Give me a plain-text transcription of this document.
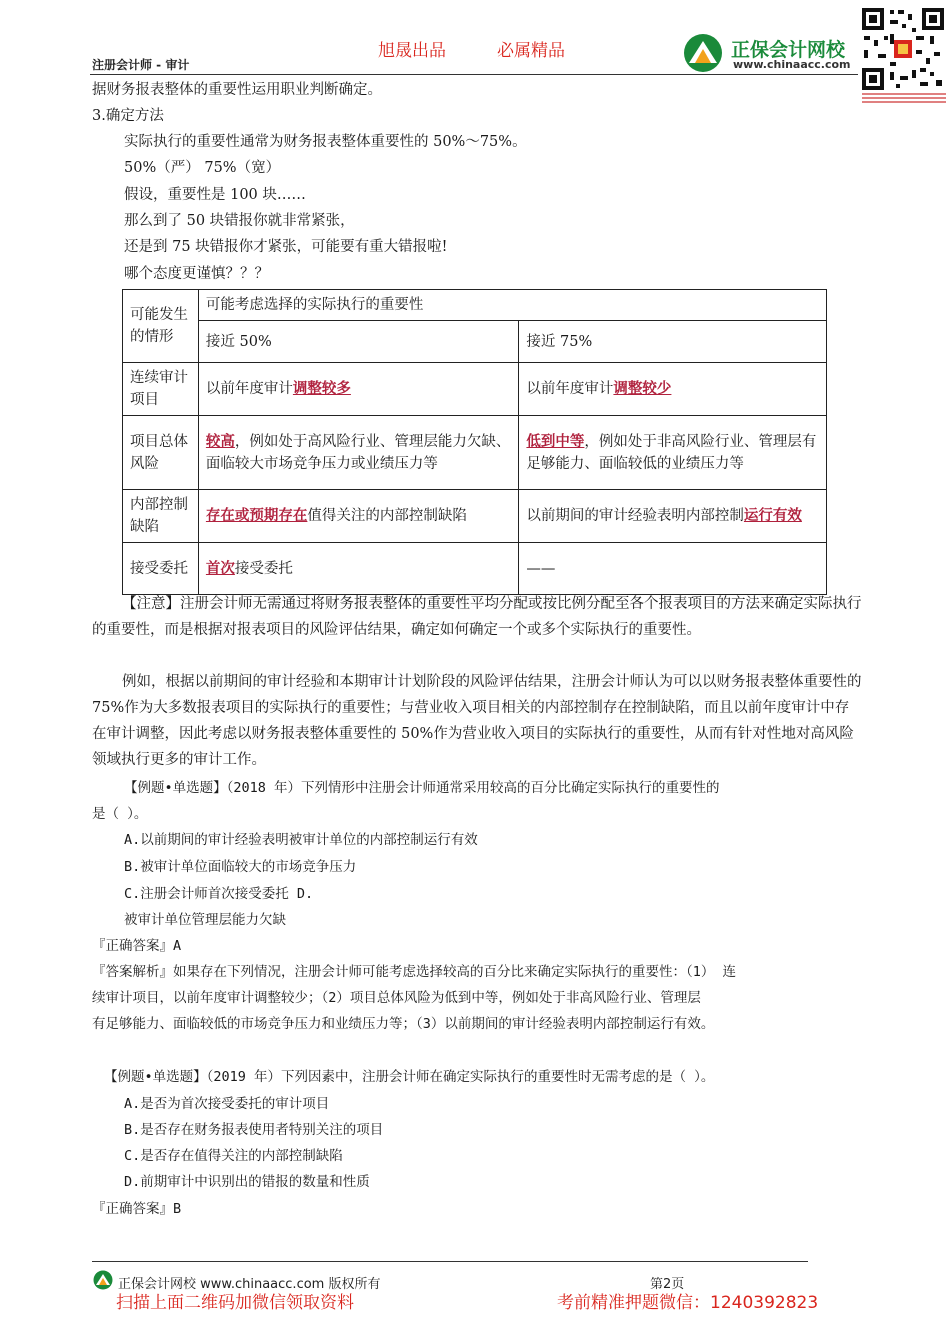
旭晟出品	必属精品
注册会计师 - 审计
正保会计网校
www.chinaacc.com
据财务报表整体的重要性运用职业判断确定。
3.确定方法
实际执行的重要性通常为财务报表整体重要性的 50%～75%。
50%（严） 75%（宽）
假设，重要性是 100 块……
那么到了 50 块错报你就非常紧张，
还是到 75 块错报你才紧张，可能要有重大错报啦!
哪个态度更谨慎？？？
可能发生的情形	可能考虑选择的实际执行的重要性	
	接近 50%	接近 75%
连续审计项目	以前年度审计调整较多	以前年度审计调整较少
项目总体风险	较高，例如处于高风险行业、管理层能力欠缺、面临较大市场竞争压力或业绩压力等	低到中等，例如处于非高风险行业、管理层有足够能力、面临较低的业绩压力等
内部控制缺陷	存在或预期存在值得关注的内部控制缺陷	以前期间的审计经验表明内部控制运行有效
接受委托	首次接受委托	——
【注意】注册会计师无需通过将财务报表整体的重要性平均分配或按比例分配至各个报表项目的方法来确定实际执行的重要性，而是根据对报表项目的风险评估结果，确定如何确定一个或多个实际执行的重要性。
例如，根据以前期间的审计经验和本期审计计划阶段的风险评估结果，注册会计师认为可以以财务报表整体重要性的 75%作为大多数报表项目的实际执行的重要性；与营业收入项目相关的内部控制存在控制缺陷，而且以前年度审计中存在审计调整，因此考虑以财务报表整体重要性的 50%作为营业收入项目的实际执行的重要性，从而有针对性地对高风险领域执行更多的审计工作。
【例题•单选题】（2018 年）下列情形中注册会计师通常采用较高的百分比确定实际执行的重要性的
是（ ）。
A.以前期间的审计经验表明被审计单位的内部控制运行有效
B.被审计单位面临较大的市场竞争压力
C.注册会计师首次接受委托 D.
被审计单位管理层能力欠缺
『正确答案』A
『答案解析』如果存在下列情况，注册会计师可能考虑选择较高的百分比来确定实际执行的重要性：（1） 连
续审计项目，以前年度审计调整较少；（2）项目总体风险为低到中等，例如处于非高风险行业、管理层
有足够能力、面临较低的市场竞争压力和业绩压力等；（3）以前期间的审计经验表明内部控制运行有效。
【例题•单选题】（2019 年）下列因素中，注册会计师在确定实际执行的重要性时无需考虑的是（ ）。
A.是否为首次接受委托的审计项目
B.是否存在财务报表使用者特别关注的项目
C.是否存在值得关注的内部控制缺陷
D.前期审计中识别出的错报的数量和性质
『正确答案』B
正保会计网校 www.chinaacc.com 版权所有	第2页
扫描上面二维码加微信领取资料	考前精准押题微信：1240392823
